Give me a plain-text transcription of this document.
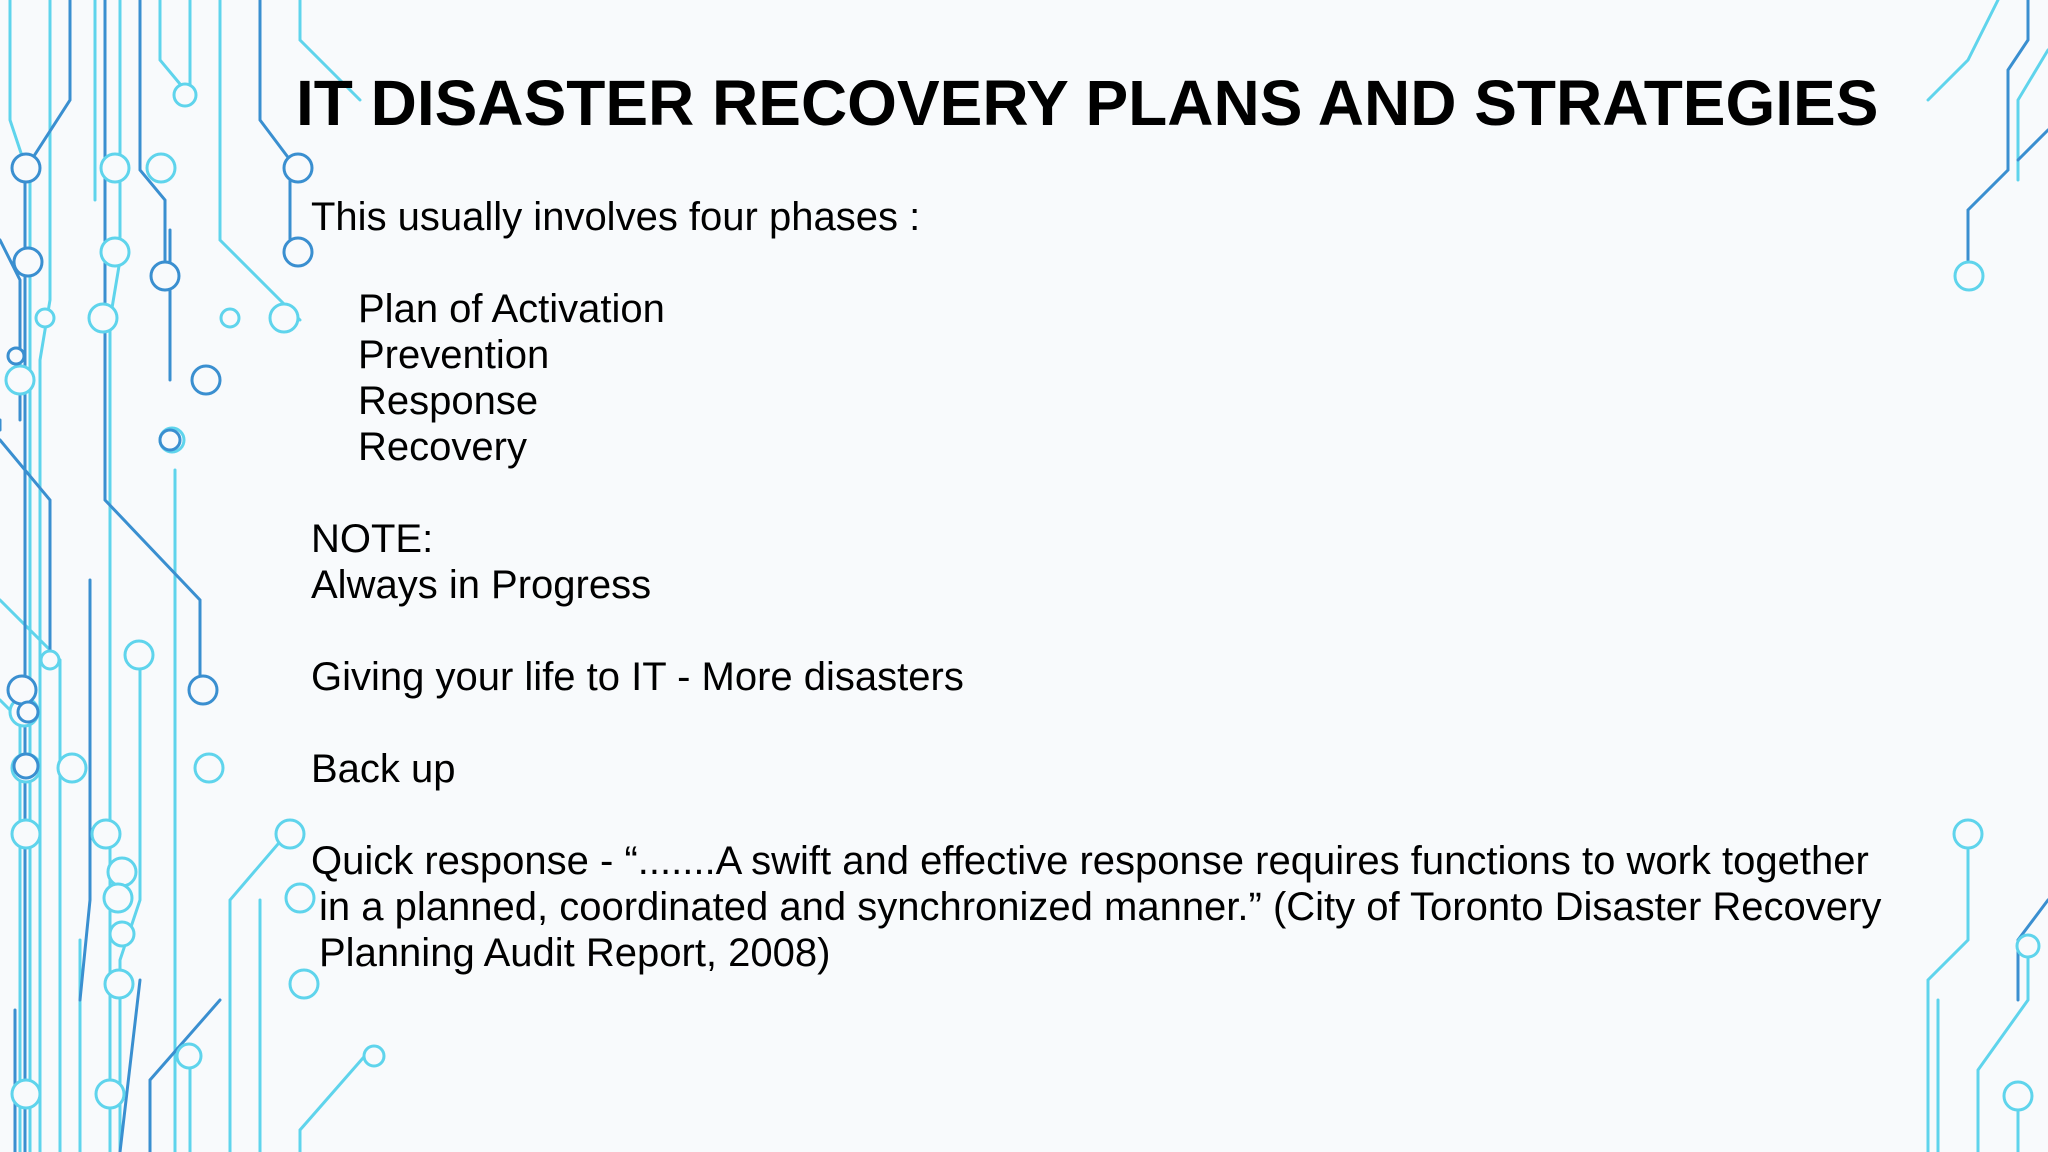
IT DISASTER RECOVERY PLANS AND STRATEGIES
This usually involves four phases :
Plan of Activation
Prevention
Response
Recovery
NOTE:
Always in Progress
Giving your life to IT - More disasters
Back up
Quick response - “.......A swift and effective response requires functions to work together
in a planned, coordinated and synchronized manner.” (City of Toronto Disaster Recovery
Planning Audit Report, 2008)
